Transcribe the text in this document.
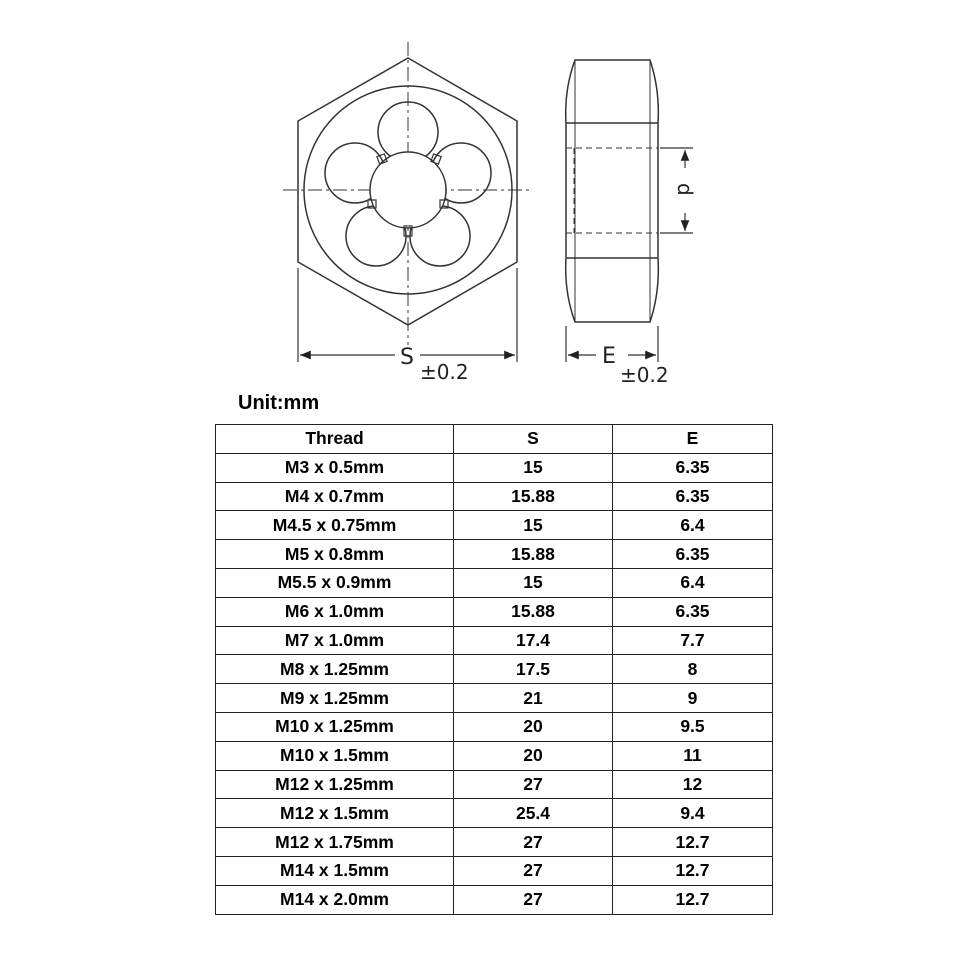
S
±0.2
d
E
±0.2
Unit:mm
Thread	S	E
M3 x 0.5mm	15	6.35
M4 x 0.7mm	15.88	6.35
M4.5 x 0.75mm	15	6.4
M5 x 0.8mm	15.88	6.35
M5.5 x 0.9mm	15	6.4
M6 x 1.0mm	15.88	6.35
M7 x 1.0mm	17.4	7.7
M8 x 1.25mm	17.5	8
M9 x 1.25mm	21	9
M10 x 1.25mm	20	9.5
M10 x 1.5mm	20	11
M12 x 1.25mm	27	12
M12 x 1.5mm	25.4	9.4
M12 x 1.75mm	27	12.7
M14 x 1.5mm	27	12.7
M14 x 2.0mm	27	12.7
